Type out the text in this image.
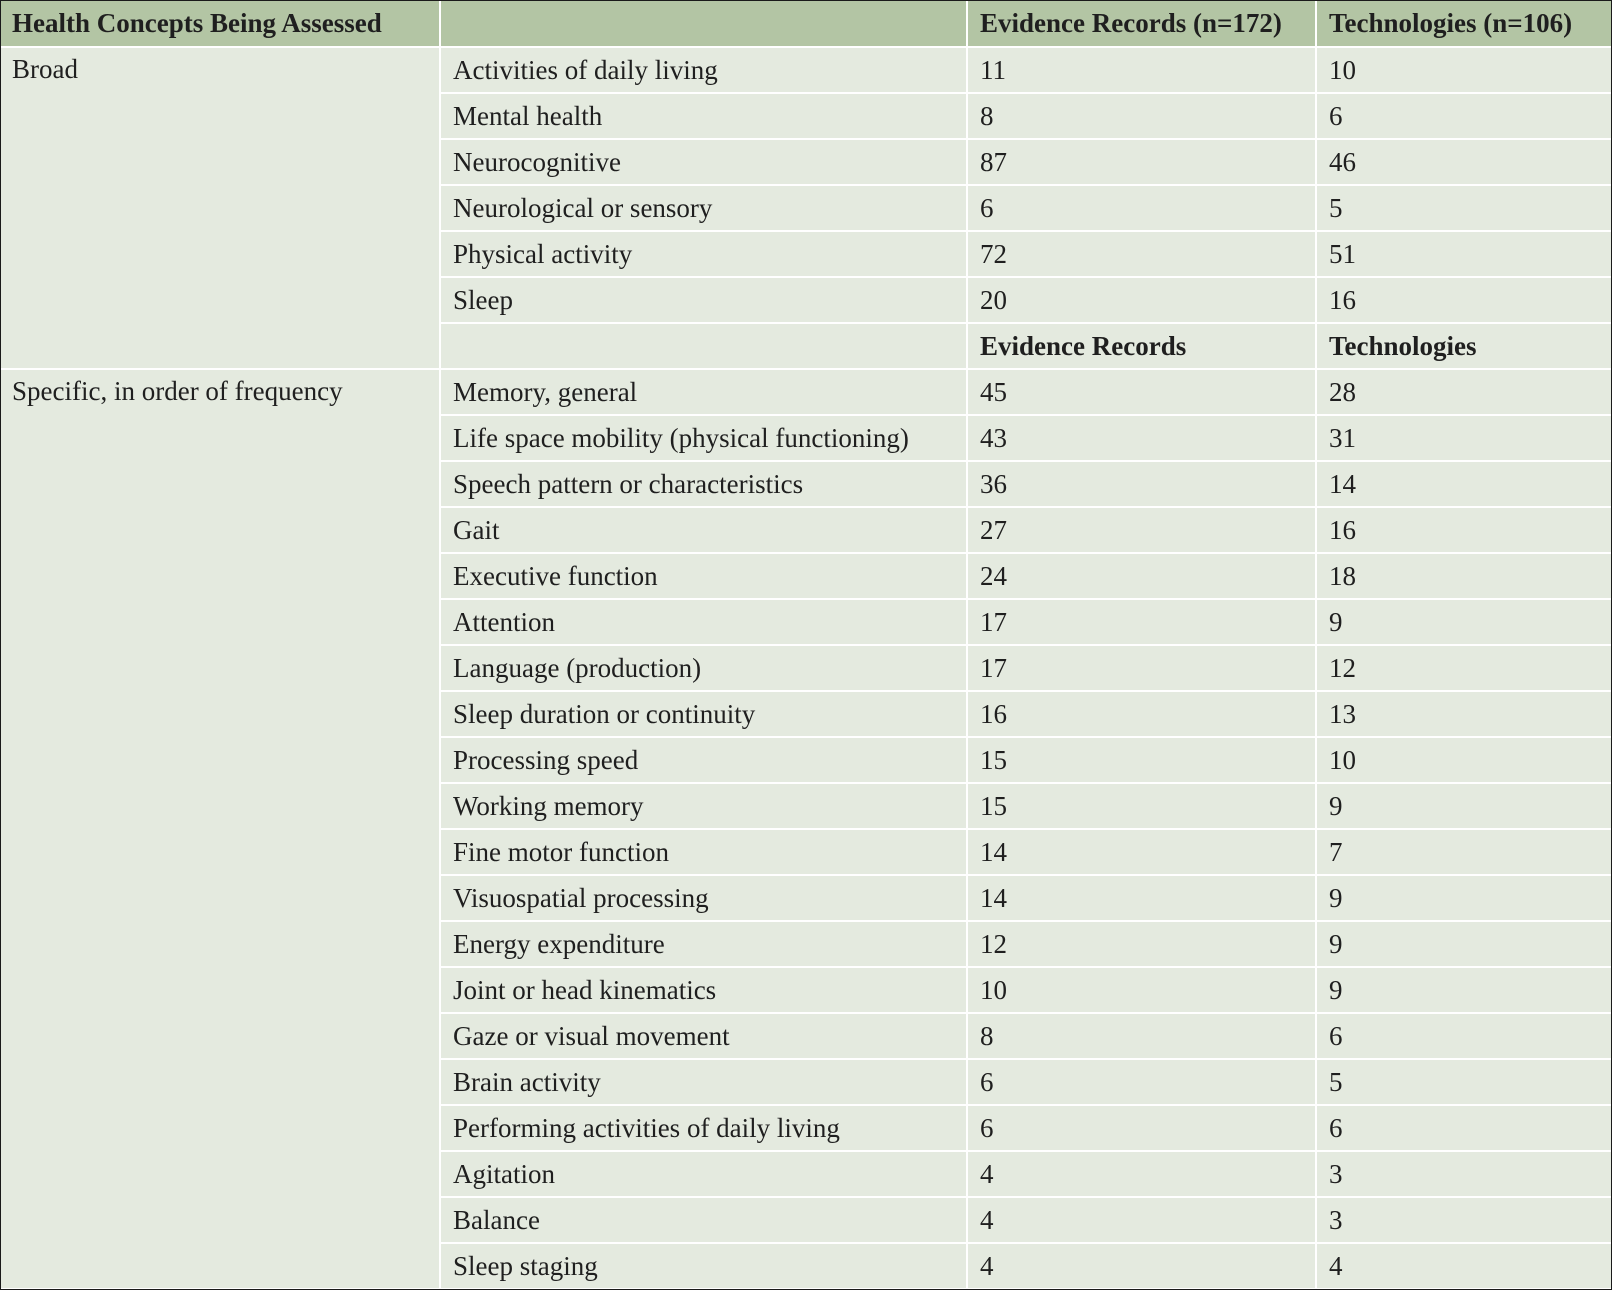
Health Concepts Being Assessed		Evidence Records (n=172)	Technologies (n=106)
Broad	Activities of daily living	11	10
	Mental health	8	6
	Neurocognitive	87	46
	Neurological or sensory	6	5
	Physical activity	72	51
	Sleep	20	16
		Evidence Records	Technologies
Specific, in order of frequency	Memory, general	45	28
	Life space mobility (physical functioning)	43	31
	Speech pattern or characteristics	36	14
	Gait	27	16
	Executive function	24	18
	Attention	17	9
	Language (production)	17	12
	Sleep duration or continuity	16	13
	Processing speed	15	10
	Working memory	15	9
	Fine motor function	14	7
	Visuospatial processing	14	9
	Energy expenditure	12	9
	Joint or head kinematics	10	9
	Gaze or visual movement	8	6
	Brain activity	6	5
	Performing activities of daily living	6	6
	Agitation	4	3
	Balance	4	3
	Sleep staging	4	4
